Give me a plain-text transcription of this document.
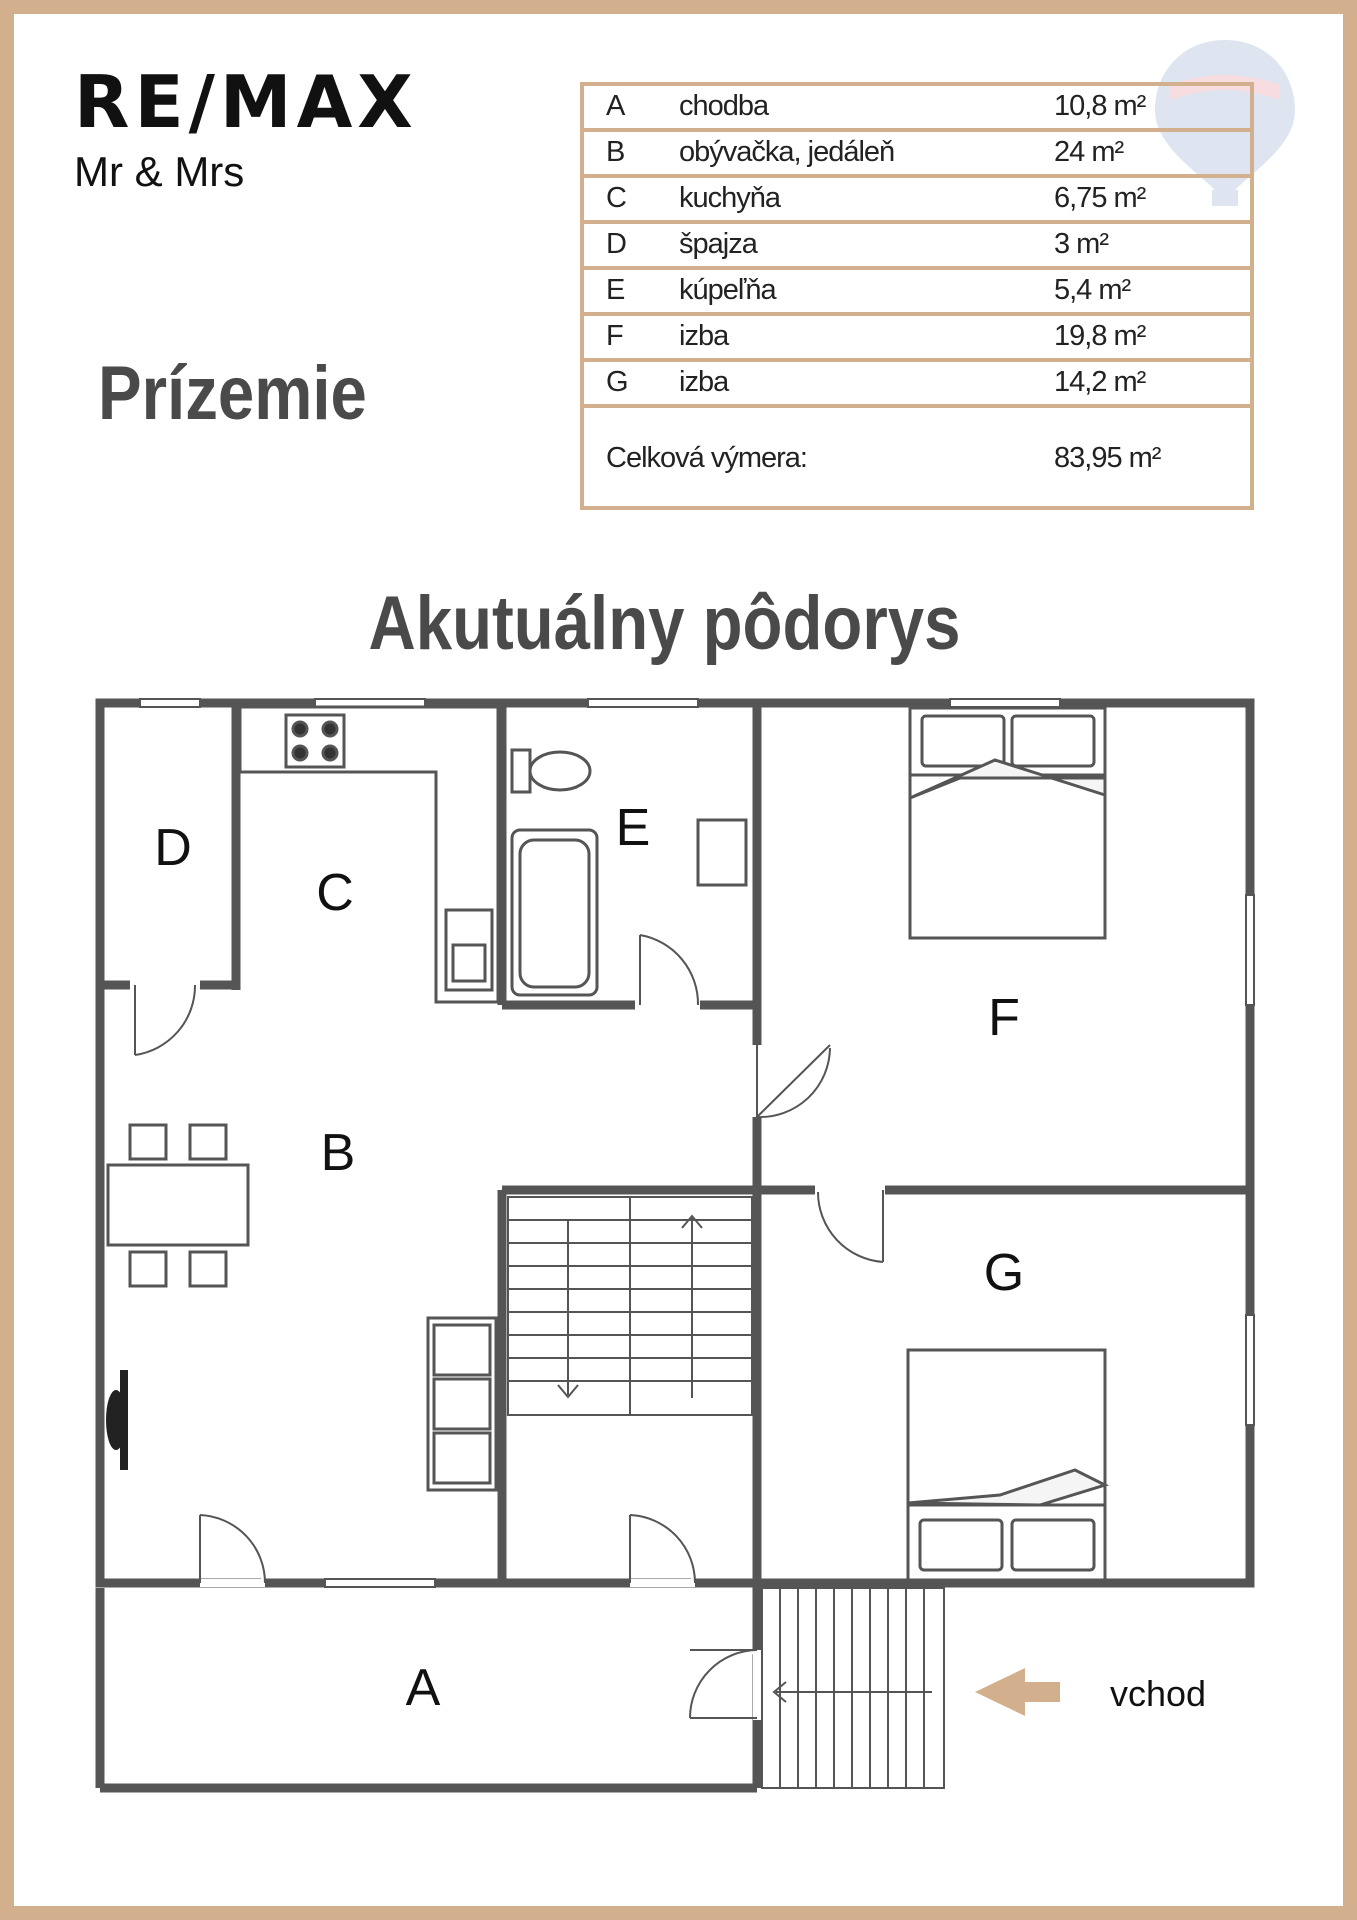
RE/MAX
Mr & Mrs
Prízemie
A chodba	10,8 m²
B obývačka, jedáleň	24 m²
C kuchyňa	6,75 m²
D špajza	3 m²
E kúpeľňa	5,4 m²
F izba	19,8 m²
G izba	14,2 m²
Celková výmera:	83,95 m²
Akutuálny pôdorys
vchod
A
B
C
D	E
F
G
